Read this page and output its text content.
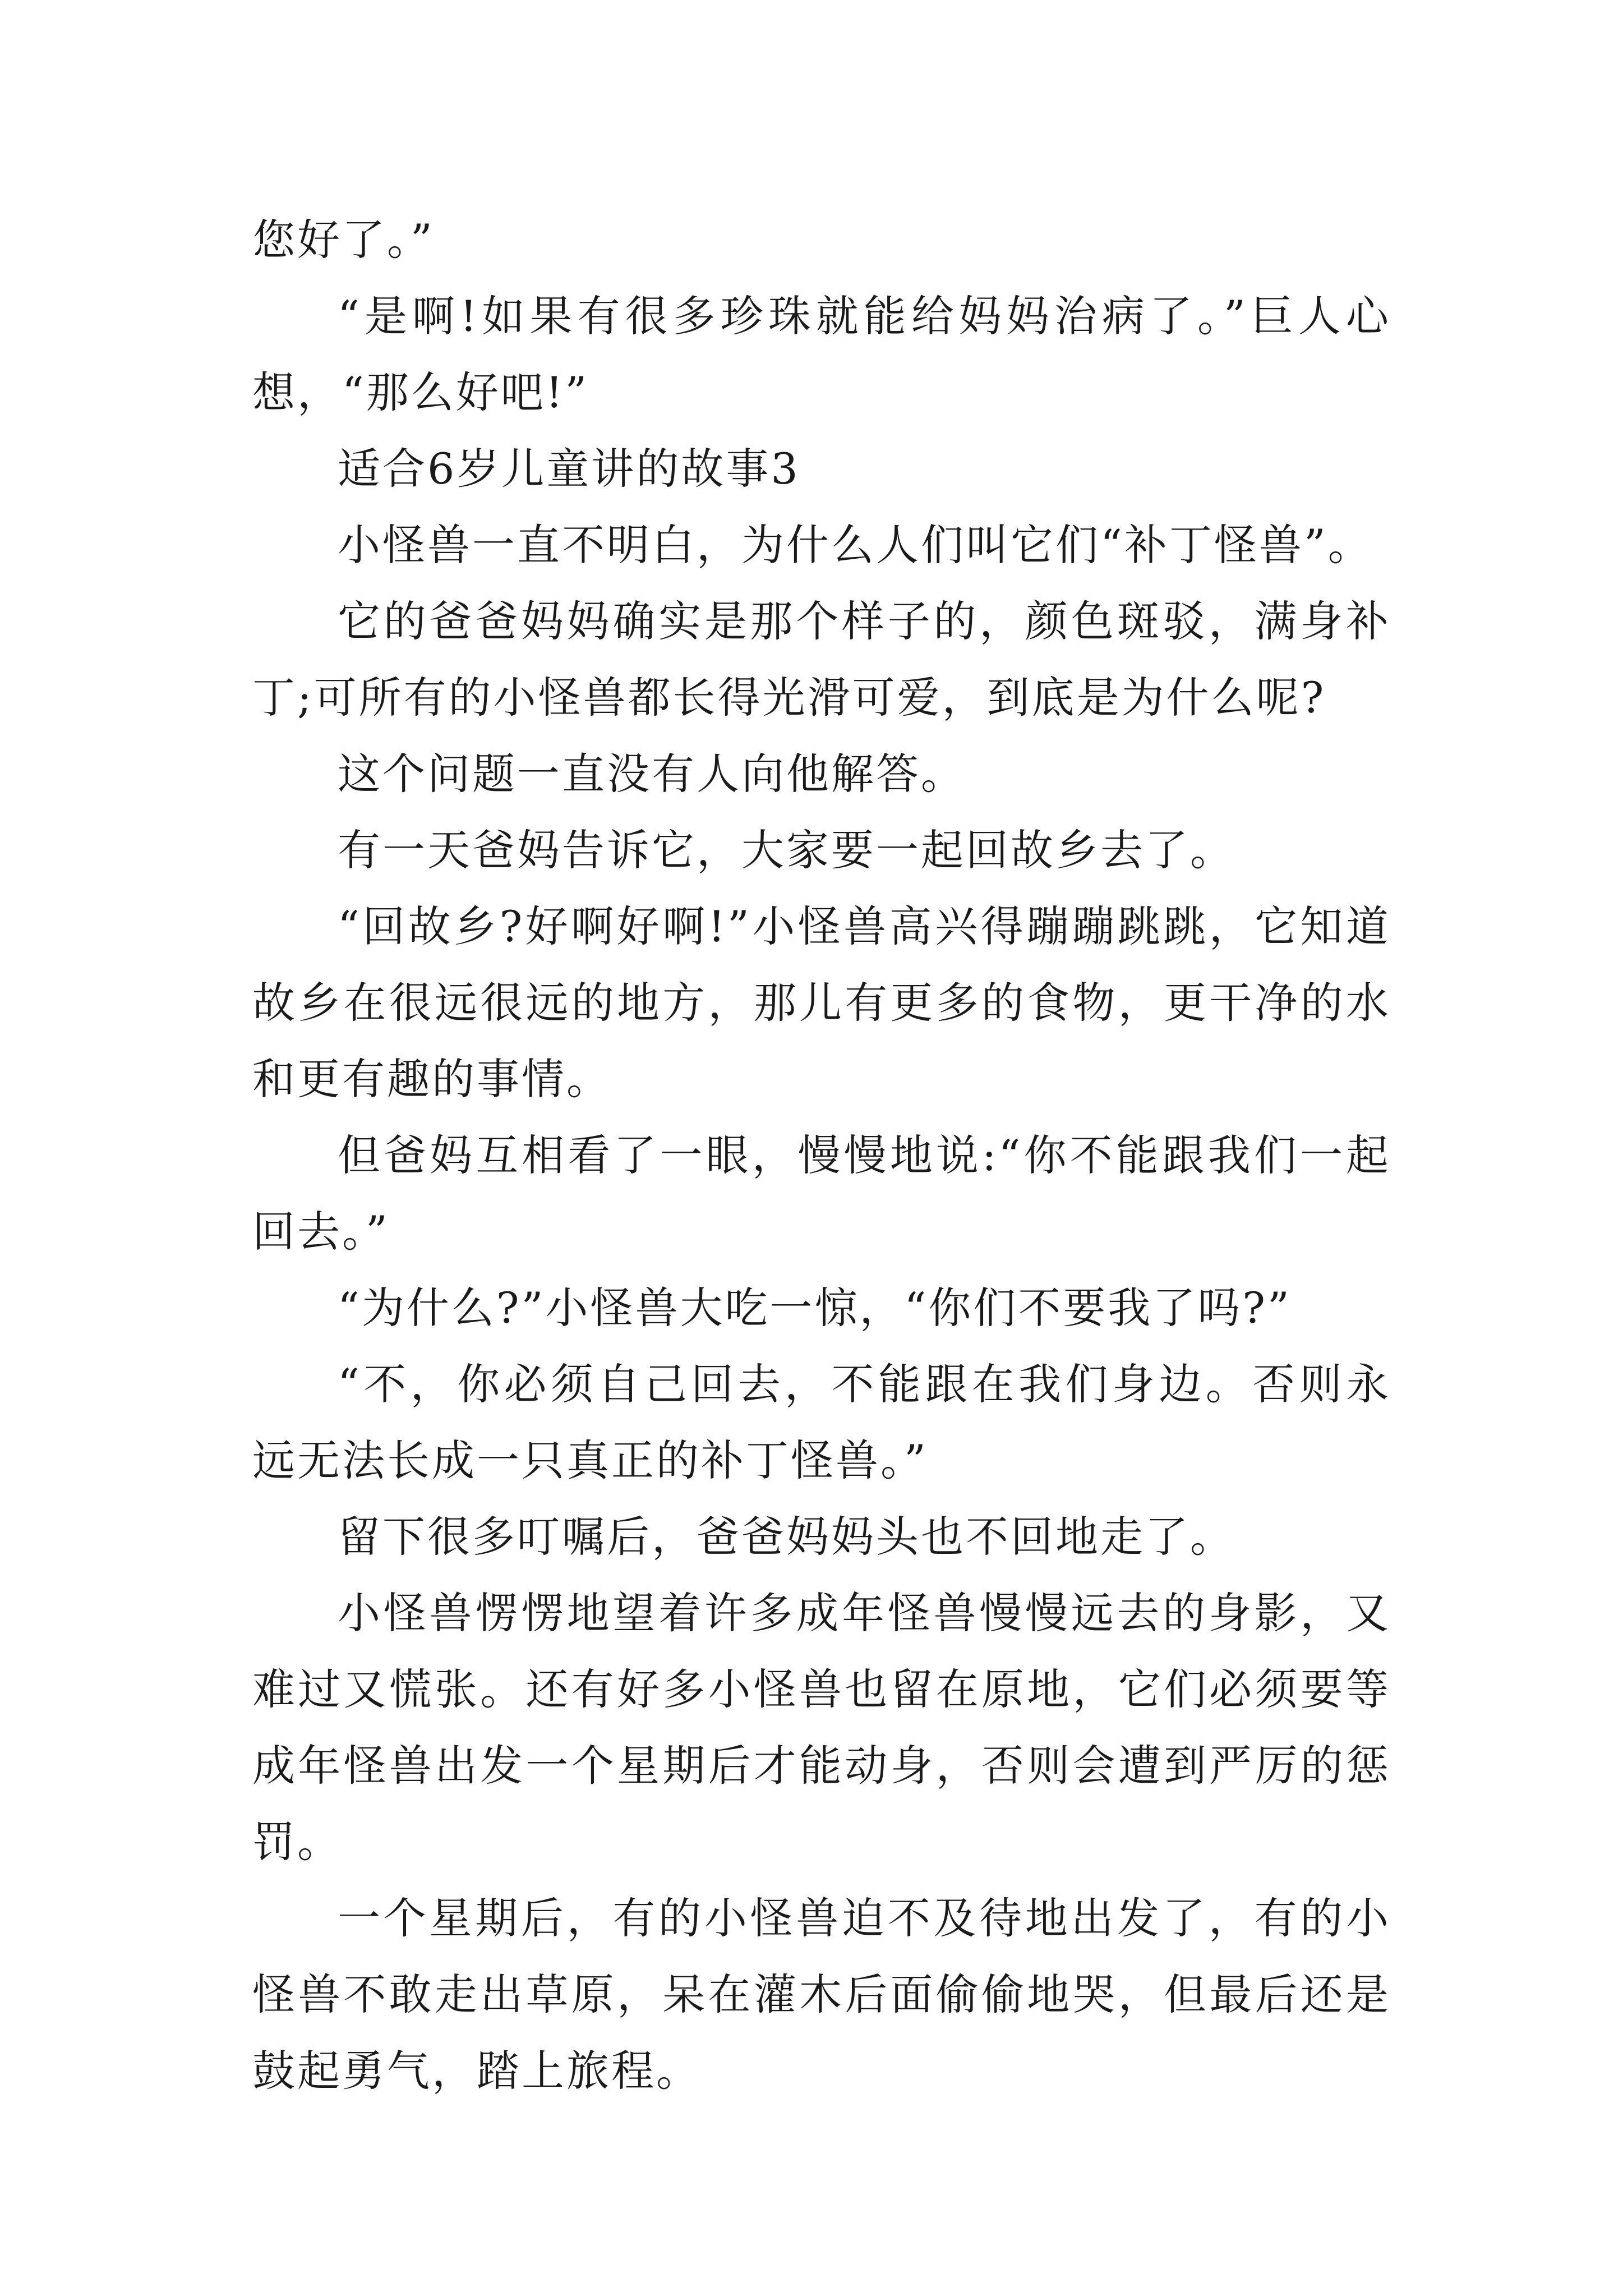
您好了。”

“是啊!如果有很多珍珠就能给妈妈治病了。”巨人心想，“那么好吧!”

适合6岁儿童讲的故事3

小怪兽一直不明白，为什么人们叫它们“补丁怪兽”。

它的爸爸妈妈确实是那个样子的，颜色斑驳，满身补丁;可所有的小怪兽都长得光滑可爱，到底是为什么呢?

这个问题一直没有人向他解答。

有一天爸妈告诉它，大家要一起回故乡去了。

“回故乡?好啊好啊!”小怪兽高兴得蹦蹦跳跳，它知道故乡在很远很远的地方，那儿有更多的食物，更干净的水和更有趣的事情。

但爸妈互相看了一眼，慢慢地说:“你不能跟我们一起回去。”

“为什么?”小怪兽大吃一惊，“你们不要我了吗?”

“不，你必须自己回去，不能跟在我们身边。否则永远无法长成一只真正的补丁怪兽。”

留下很多叮嘱后，爸爸妈妈头也不回地走了。

小怪兽愣愣地望着许多成年怪兽慢慢远去的身影，又难过又慌张。还有好多小怪兽也留在原地，它们必须要等成年怪兽出发一个星期后才能动身，否则会遭到严厉的惩罚。

一个星期后，有的小怪兽迫不及待地出发了，有的小怪兽不敢走出草原，呆在灌木后面偷偷地哭，但最后还是鼓起勇气，踏上旅程。
